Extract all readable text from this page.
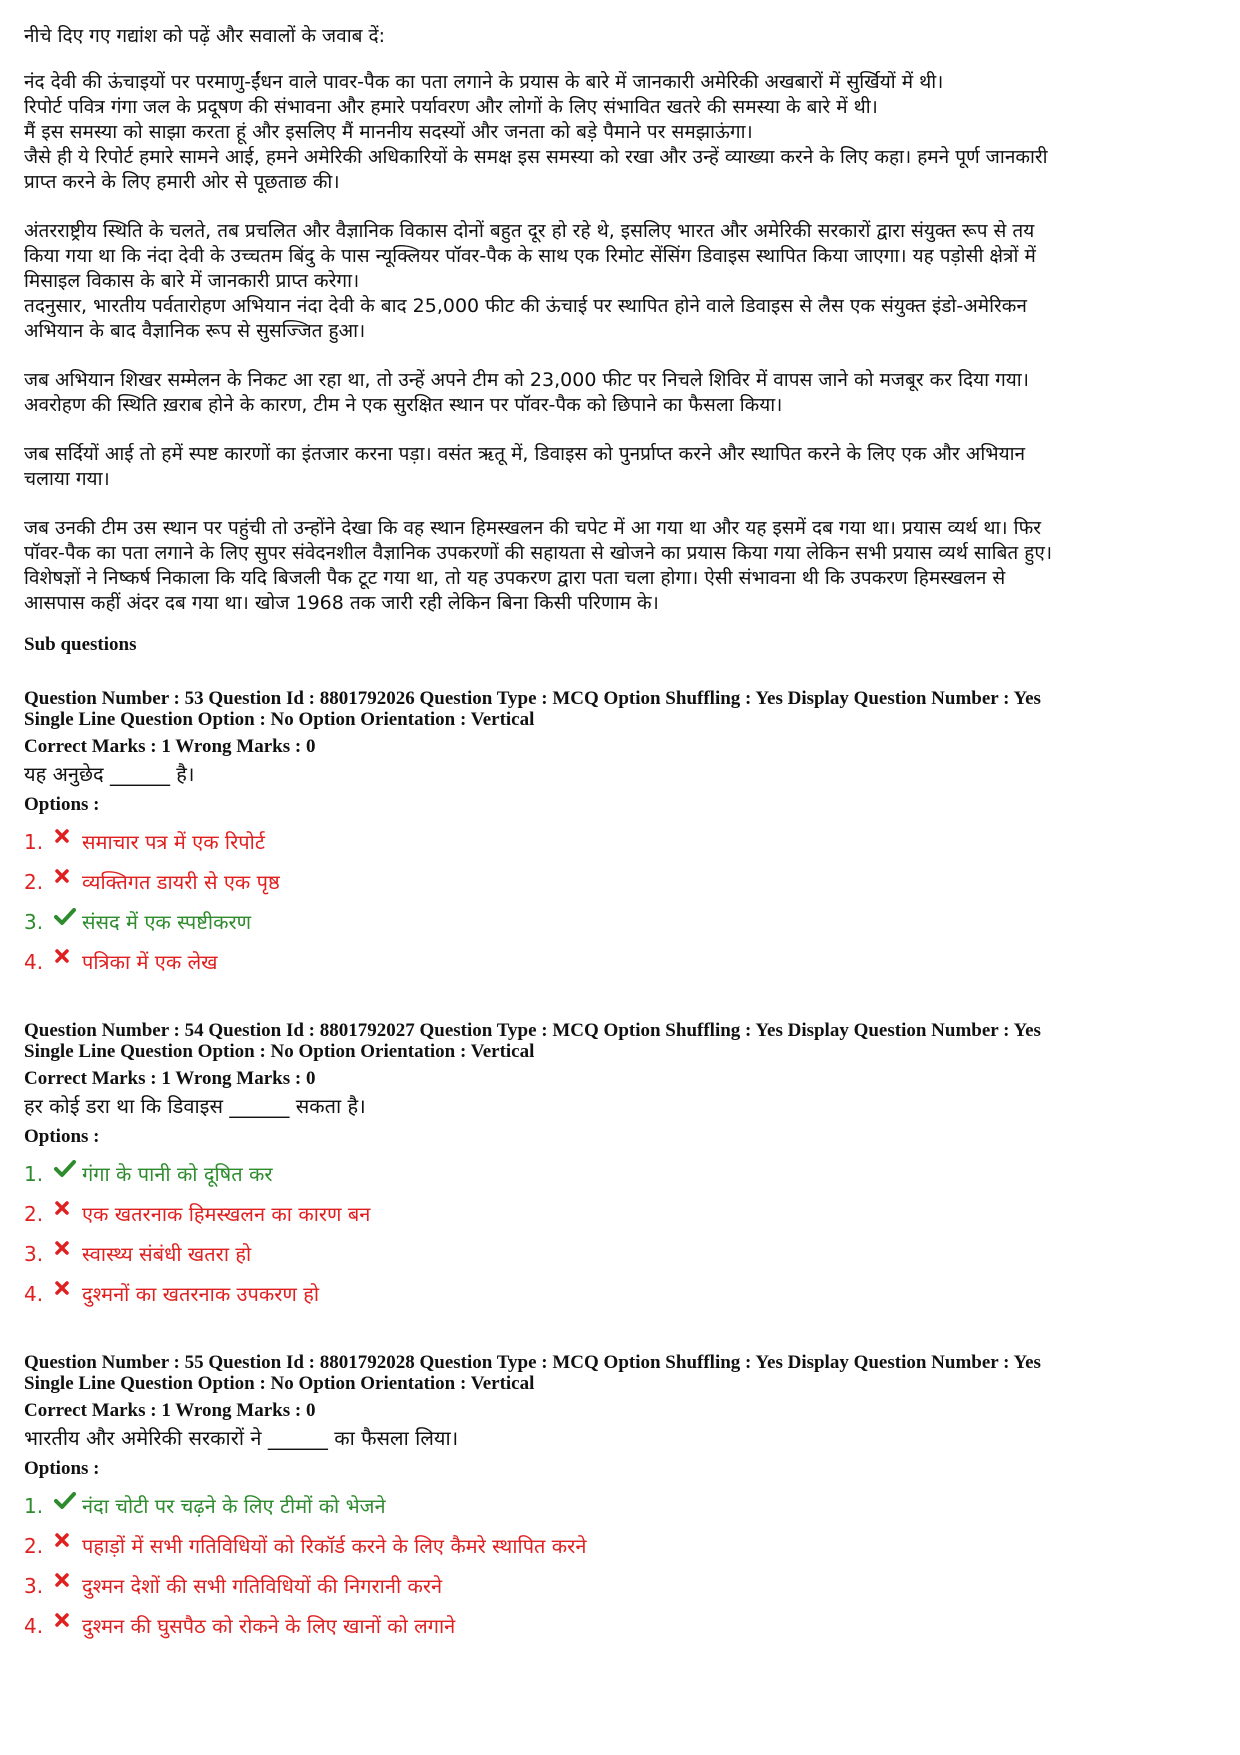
नीचे दिए गए गद्यांश को पढ़ें और सवालों के जवाब दें:
नंद देवी की ऊंचाइयों पर परमाणु-ईंधन वाले पावर-पैक का पता लगाने के प्रयास के बारे में जानकारी अमेरिकी अखबारों में सुर्खियों में थी।
रिपोर्ट पवित्र गंगा जल के प्रदूषण की संभावना और हमारे पर्यावरण और लोगों के लिए संभावित खतरे की समस्या के बारे में थी।
मैं इस समस्या को साझा करता हूं और इसलिए मैं माननीय सदस्यों और जनता को बड़े पैमाने पर समझाऊंगा।
जैसे ही ये रिपोर्ट हमारे सामने आई, हमने अमेरिकी अधिकारियों के समक्ष इस समस्या को रखा और उन्हें व्याख्या करने के लिए कहा। हमने पूर्ण जानकारी
प्राप्त करने के लिए हमारी ओर से पूछताछ की।
अंतरराष्ट्रीय स्थिति के चलते, तब प्रचलित और वैज्ञानिक विकास दोनों बहुत दूर हो रहे थे, इसलिए भारत और अमेरिकी सरकारों द्वारा संयुक्त रूप से तय
किया गया था कि नंदा देवी के उच्चतम बिंदु के पास न्यूक्लियर पॉवर-पैक के साथ एक रिमोट सेंसिंग डिवाइस स्थापित किया जाएगा। यह पड़ोसी क्षेत्रों में
मिसाइल विकास के बारे में जानकारी प्राप्त करेगा।
तदनुसार, भारतीय पर्वतारोहण अभियान नंदा देवी के बाद 25,000 फीट की ऊंचाई पर स्थापित होने वाले डिवाइस से लैस एक संयुक्त इंडो-अमेरिकन
अभियान के बाद वैज्ञानिक रूप से सुसज्जित हुआ।
जब अभियान शिखर सम्मेलन के निकट आ रहा था, तो उन्हें अपने टीम को 23,000 फीट पर निचले शिविर में वापस जाने को मजबूर कर दिया गया।
अवरोहण की स्थिति ख़राब होने के कारण, टीम ने एक सुरक्षित स्थान पर पॉवर-पैक को छिपाने का फैसला किया।
जब सर्दियों आई तो हमें स्पष्ट कारणों का इंतजार करना पड़ा। वसंत ऋतू में, डिवाइस को पुनर्प्राप्त करने और स्थापित करने के लिए एक और अभियान
चलाया गया।
जब उनकी टीम उस स्थान पर पहुंची तो उन्होंने देखा कि वह स्थान हिमस्खलन की चपेट में आ गया था और यह इसमें दब गया था। प्रयास व्यर्थ था। फिर
पॉवर-पैक का पता लगाने के लिए सुपर संवेदनशील वैज्ञानिक उपकरणों की सहायता से खोजने का प्रयास किया गया लेकिन सभी प्रयास व्यर्थ साबित हुए।
विशेषज्ञों ने निष्कर्ष निकाला कि यदि बिजली पैक टूट गया था, तो यह उपकरण द्वारा पता चला होगा। ऐसी संभावना थी कि उपकरण हिमस्खलन से
आसपास कहीं अंदर दब गया था। खोज 1968 तक जारी रही लेकिन बिना किसी परिणाम के।
Sub questions
Question Number : 53 Question Id : 8801792026 Question Type : MCQ Option Shuffling : Yes Display Question Number : Yes
Single Line Question Option : No Option Orientation : Vertical
Correct Marks : 1 Wrong Marks : 0
यह अनुछेद ______ है।
Options :
1.	समाचार पत्र में एक रिपोर्ट
2.	व्यक्तिगत डायरी से एक पृष्ठ
3.	संसद में एक स्पष्टीकरण
4.	पत्रिका में एक लेख
Question Number : 54 Question Id : 8801792027 Question Type : MCQ Option Shuffling : Yes Display Question Number : Yes
Single Line Question Option : No Option Orientation : Vertical
Correct Marks : 1 Wrong Marks : 0
हर कोई डरा था कि डिवाइस ______ सकता है।
Options :
1.	गंगा के पानी को दूषित कर
2.	एक खतरनाक हिमस्खलन का कारण बन
3.	स्वास्थ्य संबंधी खतरा हो
4.	दुश्मनों का खतरनाक उपकरण हो
Question Number : 55 Question Id : 8801792028 Question Type : MCQ Option Shuffling : Yes Display Question Number : Yes
Single Line Question Option : No Option Orientation : Vertical
Correct Marks : 1 Wrong Marks : 0
भारतीय और अमेरिकी सरकारों ने ______ का फैसला लिया।
Options :
1.	नंदा चोटी पर चढ़ने के लिए टीमों को भेजने
2.	पहाड़ों में सभी गतिविधियों को रिकॉर्ड करने के लिए कैमरे स्थापित करने
3.	दुश्मन देशों की सभी गतिविधियों की निगरानी करने
4.	दुश्मन की घुसपैठ को रोकने के लिए खानों को लगाने
